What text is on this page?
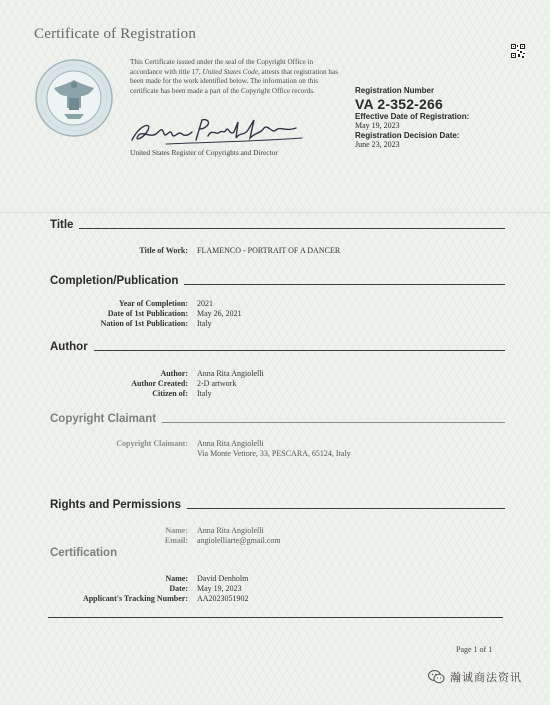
Certificate of Registration
This Certificate issued under the seal of the Copyright Office in accordance with title 17, United States Code, attests that registration has been made for the work identified below. The information on this certificate has been made a part of the Copyright Office records.
United States Register of Copyrights and Director
Registration Number
VA 2-352-266
Effective Date of Registration:
May 19, 2023
Registration Decision Date:
June 23, 2023
Title
Title of Work:	FLAMENCO - PORTRAIT OF A DANCER
Completion/Publication
Year of Completion:	2021
Date of 1st Publication:	May 26, 2021
Nation of 1st Publication:	Italy
Author
Author:	Anna Rita Angiolelli
Author Created:	2-D artwork
Citizen of:	Italy
Copyright Claimant
Copyright Claimant:	Anna Rita Angiolelli
Via Monte Vettore, 33, PESCARA, 65124, Italy
Rights and Permissions
Name:	Anna Rita Angiolelli
Email:	angiolelliarte@gmail.com
Certification
Name:	David Denholm
Date:	May 19, 2023
Applicant's Tracking Number:	AA2023051902
Page 1 of 1
瀚诚商法资讯
